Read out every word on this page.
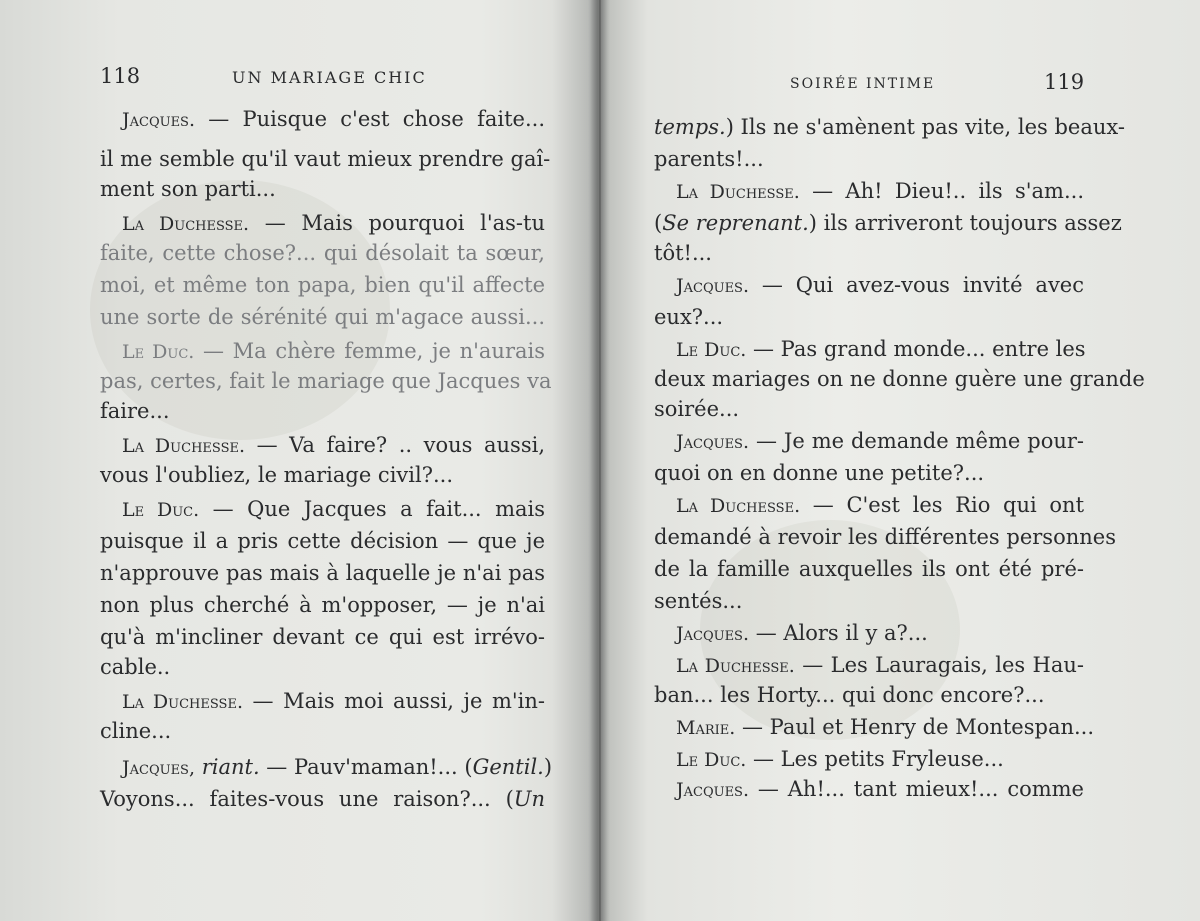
118	UN MARIAGE CHIC
Jacques. — Puisque c'est chose faite...
il me semble qu'il vaut mieux prendre gaî-
ment son parti...
La Duchesse. — Mais pourquoi l'as-tu
faite, cette chose?... qui désolait ta sœur,
moi, et même ton papa, bien qu'il affecte
une sorte de sérénité qui m'agace aussi...
Le Duc. — Ma chère femme, je n'aurais
pas, certes, fait le mariage que Jacques va
faire...
La Duchesse. — Va faire? .. vous aussi,
vous l'oubliez, le mariage civil?...
Le Duc. — Que Jacques a fait... mais
puisque il a pris cette décision — que je
n'approuve pas mais à laquelle je n'ai pas
non plus cherché à m'opposer, — je n'ai
qu'à m'incliner devant ce qui est irrévo-
cable..
La Duchesse. — Mais moi aussi, je m'in-
cline...
Jacques, riant. — Pauv'maman!... (Gentil.)
Voyons... faites-vous une raison?... (Un
SOIRÉE INTIME	119
temps.) Ils ne s'amènent pas vite, les beaux-
parents!...
La Duchesse. — Ah! Dieu!.. ils s'am...
(Se reprenant.) ils arriveront toujours assez
tôt!...
Jacques. — Qui avez-vous invité avec
eux?...
Le Duc. — Pas grand monde... entre les
deux mariages on ne donne guère une grande
soirée...
Jacques. — Je me demande même pour-
quoi on en donne une petite?...
La Duchesse. — C'est les Rio qui ont
demandé à revoir les différentes personnes
de la famille auxquelles ils ont été pré-
sentés...
Jacques. — Alors il y a?...
La Duchesse. — Les Lauragais, les Hau-
ban... les Horty... qui donc encore?...
Marie. — Paul et Henry de Montespan...
Le Duc. — Les petits Fryleuse...
Jacques. — Ah!... tant mieux!... comme
